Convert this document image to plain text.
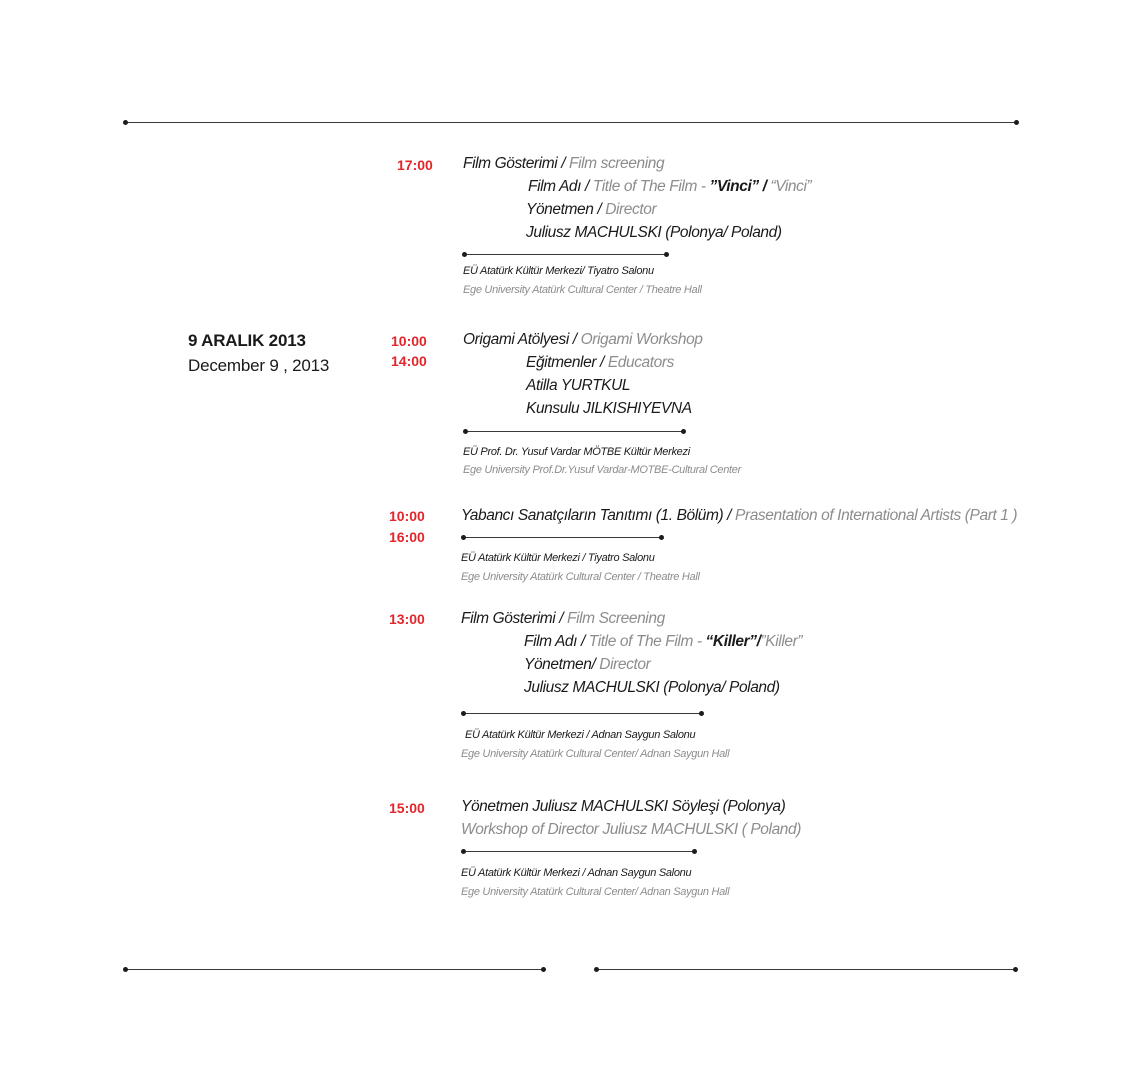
17:00 Film Gösterimi / Film screening
Film Adı / Title of The Film - ”Vinci” / “Vinci”
Yönetmen / Director
Juliusz MACHULSKI (Polonya/ Poland)
EÜ Atatürk Kültür Merkezi/ Tiyatro Salonu
Ege University Atatürk Cultural Center / Theatre Hall
9 ARALIK 2013
December 9 , 2013
10:00
14:00
Origami Atölyesi / Origami Workshop
Eğitmenler / Educators
Atilla YURTKUL
Kunsulu JILKISHIYEVNA
EÜ Prof. Dr. Yusuf Vardar MÖTBE Kültür Merkezi
Ege University Prof.Dr.Yusuf Vardar-MOTBE-Cultural Center
10:00
16:00
Yabancı Sanatçıların Tanıtımı (1. Bölüm) / Prasentation of International Artists (Part 1 )
EÜ Atatürk Kültür Merkezi / Tiyatro Salonu
Ege University Atatürk Cultural Center / Theatre Hall
13:00 Film Gösterimi / Film Screening
Film Adı / Title of The Film - “Killer”/”Killer”
Yönetmen/ Director
Juliusz MACHULSKI (Polonya/ Poland)
EÜ Atatürk Kültür Merkezi / Adnan Saygun Salonu
Ege University Atatürk Cultural Center/ Adnan Saygun Hall
15:00 Yönetmen Juliusz MACHULSKI Söyleşi (Polonya)
Workshop of Director Juliusz MACHULSKI ( Poland)
EÜ Atatürk Kültür Merkezi / Adnan Saygun Salonu
Ege University Atatürk Cultural Center/ Adnan Saygun Hall
